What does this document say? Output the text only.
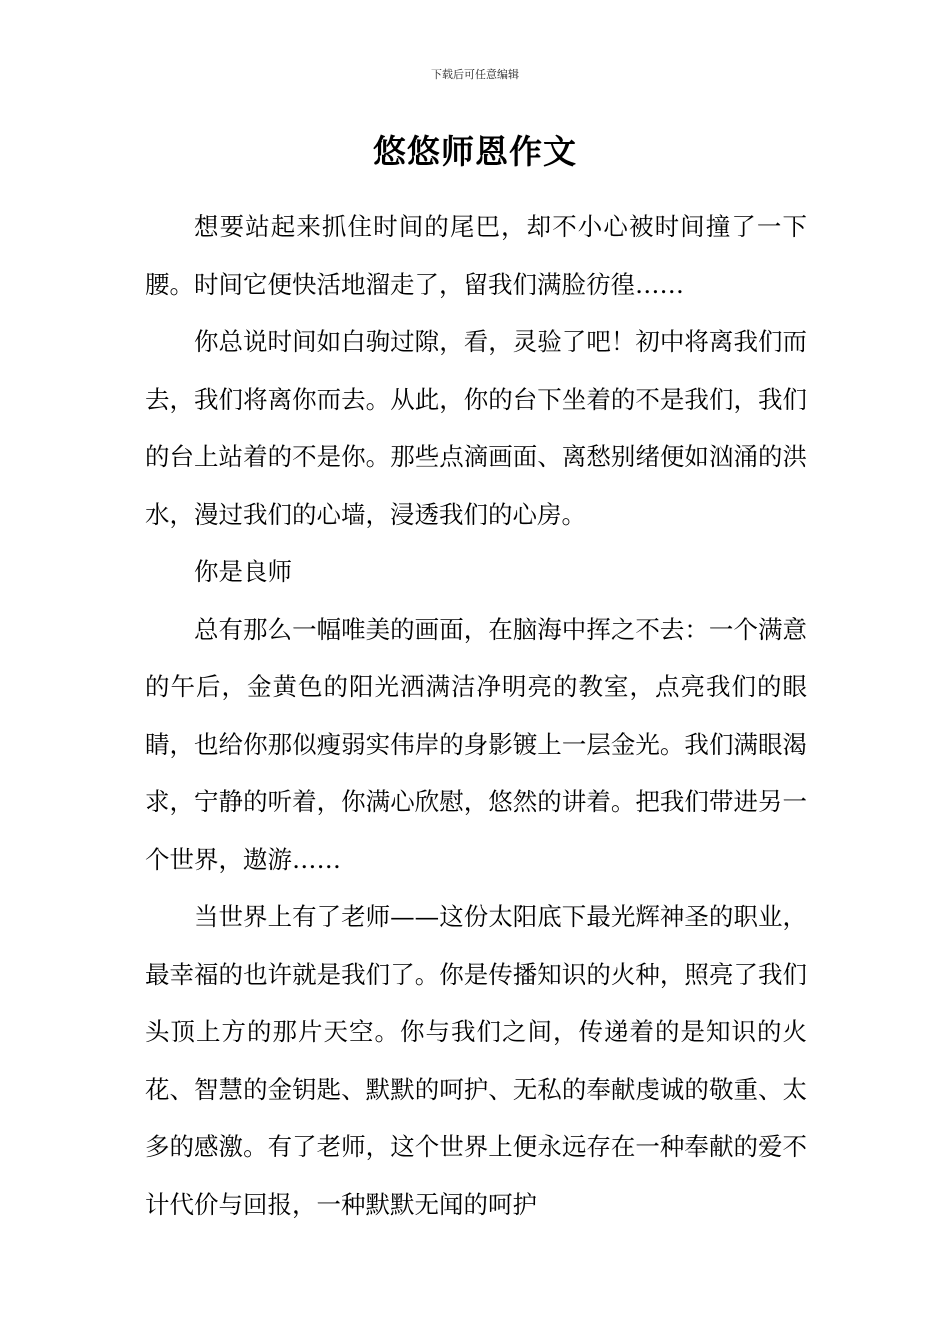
下载后可任意编辑
悠悠师恩作文

想要站起来抓住时间的尾巴，却不小心被时间撞了一下腰。时间它便快活地溜走了，留我们满脸彷徨……

你总说时间如白驹过隙，看，灵验了吧！初中将离我们而去，我们将离你而去。从此，你的台下坐着的不是我们，我们的台上站着的不是你。那些点滴画面、离愁别绪便如汹涌的洪水，漫过我们的心墙，浸透我们的心房。

你是良师

总有那么一幅唯美的画面，在脑海中挥之不去：一个满意的午后，金黄色的阳光洒满洁净明亮的教室，点亮我们的眼睛，也给你那似瘦弱实伟岸的身影镀上一层金光。我们满眼渴求，宁静的听着，你满心欣慰，悠然的讲着。把我们带进另一个世界，遨游……

当世界上有了老师——这份太阳底下最光辉神圣的职业，最幸福的也许就是我们了。你是传播知识的火种，照亮了我们头顶上方的那片天空。你与我们之间，传递着的是知识的火花、智慧的金钥匙、默默的呵护、无私的奉献虔诚的敬重、太多的感激。有了老师，这个世界上便永远存在一种奉献的爱不计代价与回报，一种默默无闻的呵护
